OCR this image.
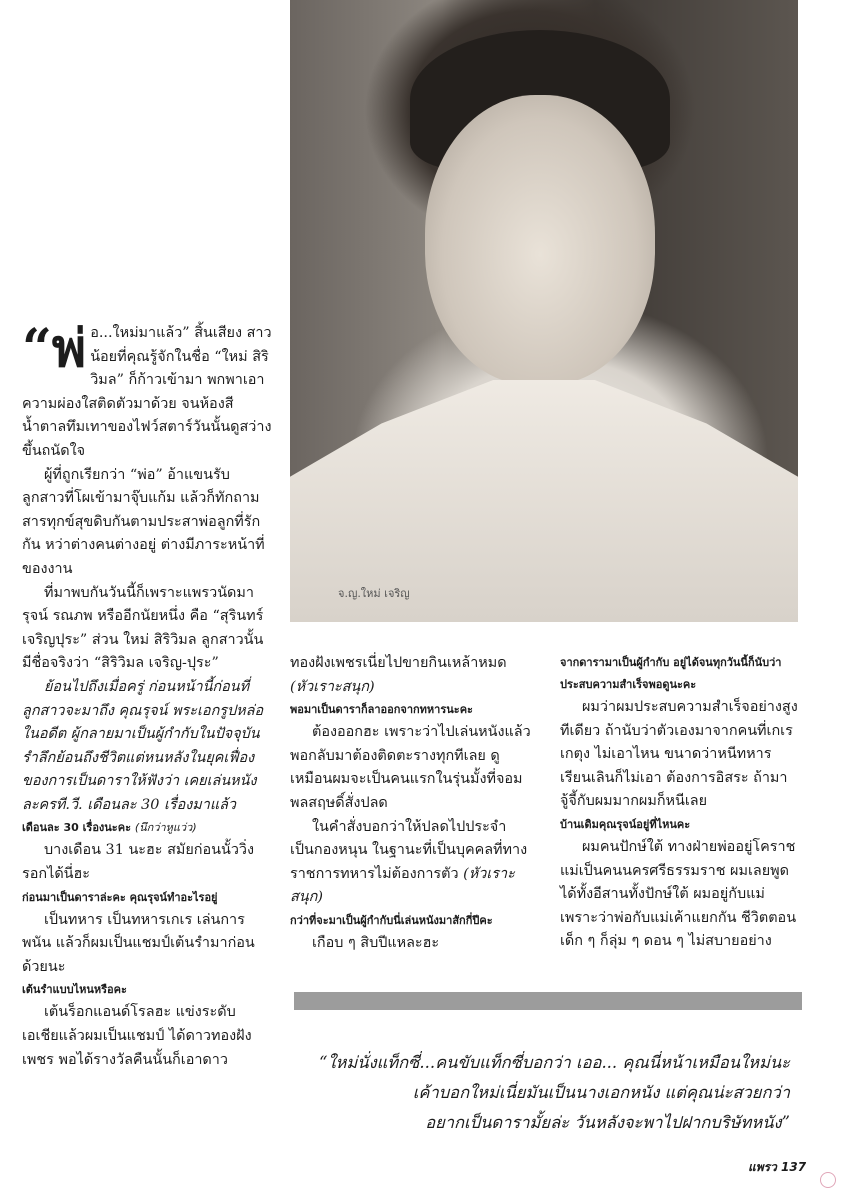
จ.ญ.ใหม่ เจริญ

“พ่ อ...ใหม่มาแล้ว” สิ้นเสียง สาวน้อยที่คุณรู้จักในชื่อ “ใหม่ สิริวิมล” ก็ก้าวเข้ามา พกพาเอาความผ่องใสติดตัวมาด้วย จนห้องสีน้ำตาลทึมเทาของไฟว์สตาร์วันนั้นดูสว่างขึ้นถนัดใจ

ผู้ที่ถูกเรียกว่า “พ่อ” อ้าแขนรับลูกสาวที่โผเข้ามาจุ๊บแก้ม แล้วก็ทักถามสารทุกข์สุขดิบกันตามประสาพ่อลูกที่รักกัน หว่าต่างคนต่างอยู่ ต่างมีภาระหน้าที่ของงาน

ที่มาพบกันวันนี้ก็เพราะแพรวนัดมารุจน์ รณภพ หรืออีกนัยหนึ่ง คือ “สุรินทร์ เจริญปุระ” ส่วน ใหม่ สิริวิมล ลูกสาวนั้น มีชื่อจริงว่า “สิริวิมล เจริญ-ปุระ”

ย้อนไปถึงเมื่อครู่ ก่อนหน้านี้ก่อนที่ลูกสาวจะมาถึง คุณรุจน์ พระเอกรูปหล่อในอดีต ผู้กลายมาเป็นผู้กำกับในปัจจุบัน รำลึกย้อนถึงชีวิตแต่หนหลังในยุคเฟื่องของการเป็นดาราให้ฟังว่า เคยเล่นหนัง ละครที.วี. เดือนละ 30 เรื่องมาแล้ว

เดือนละ 30 เรื่องนะคะ (นึกว่าหูแว่ว)

บางเดือน 31 นะฮะ สมัยก่อนนั้ววิ่งรอกได้นี่ฮะ

ก่อนมาเป็นดาราล่ะคะ คุณรุจน์ทำอะไรอยู่

เป็นทหาร เป็นทหารเกเร เล่นการพนัน แล้วก็ผมเป็นแชมป์เต้นรำมาก่อนด้วยนะ

เต้นรำแบบไหนหรือคะ

เต้นร็อกแอนด์โรลฮะ แข่งระดับเอเชียแล้วผมเป็นแชมป์ ได้ดาวทองฝังเพชร พอได้รางวัลคืนนั้นก็เอาดาว

ทองฝังเพชรเนี่ยไปขายกินเหล้าหมด

(หัวเราะสนุก)

พอมาเป็นดาราก็ลาออกจากทหารนะคะ

ต้องออกฮะ เพราะว่าไปเล่นหนังแล้วพอกลับมาต้องติดตะรางทุกทีเลย ดูเหมือนผมจะเป็นคนแรกในรุ่นมั้งที่จอมพลสฤษดิ์สั่งปลด

ในคำสั่งบอกว่าให้ปลดไปประจำเป็นกองหนุน ในฐานะที่เป็นบุคคลที่ทางราชการทหารไม่ต้องการตัว (หัวเราะสนุก)

กว่าที่จะมาเป็นผู้กำกับนี่เล่นหนังมาสักกี่ปีคะ

เกือบ ๆ สิบปีแหละฮะ

จากดารามาเป็นผู้กำกับ อยู่ได้จนทุกวันนี้ก็นับว่าประสบความสำเร็จพอดูนะคะ

ผมว่าผมประสบความสำเร็จอย่างสูงทีเดียว ถ้านับว่าตัวเองมาจากคนที่เกเรเกตุง ไม่เอาไหน ขนาดว่าหนีทหาร เรียนเลินก็ไม่เอา ต้องการอิสระ ถ้ามาจู้จี้กับผมมากผมก็หนีเลย

บ้านเดิมคุณรุจน์อยู่ที่ไหนคะ

ผมคนปักษ์ใต้ ทางฝ่ายพ่ออยู่โคราช แม่เป็นคนนครศรีธรรมราช ผมเลยพูดได้ทั้งอีสานทั้งปักษ์ใต้ ผมอยู่กับแม่เพราะว่าพ่อกับแม่เค้าแยกกัน ชีวิตตอนเด็ก ๆ ก็ลุ่ม ๆ ดอน ๆ ไม่สบายอย่าง

“ใหม่นั่งแท็กซี่...คนขับแท็กซี่บอกว่า เออ... คุณนี่หน้าเหมือนใหม่นะ
เค้าบอกใหม่เนี่ยมันเป็นนางเอกหนัง แต่คุณน่ะสวยกว่า
อยากเป็นดารามั้ยล่ะ วันหลังจะพาไปฝากบริษัทหนัง”
แพรว 137
